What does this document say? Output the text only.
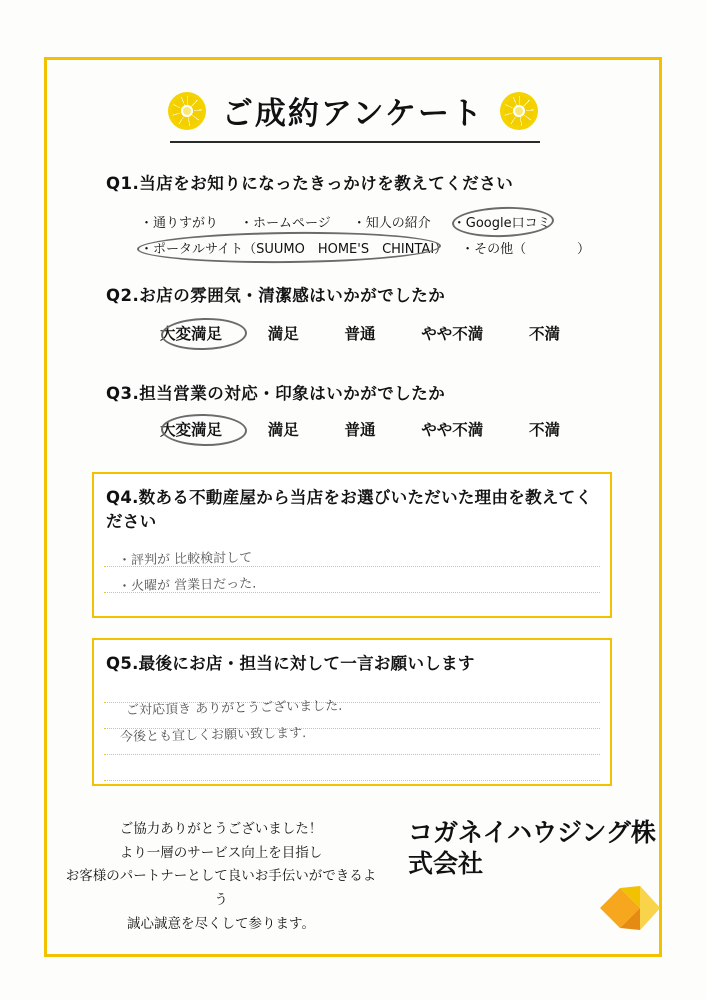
ご成約アンケート
Q1.当店をお知りになったきっかけを教えてください
・通りすがり ・ホームページ ・知人の紹介 ・Google口コミ
・ポータルサイト（SUUMO　HOME'S　CHINTAI） ・その他（	）
Q2.お店の雰囲気・清潔感はいかがでしたか
大変満足	満足	普通	やや不満	不満
Q3.担当営業の対応・印象はいかがでしたか
大変満足	満足	普通	やや不満	不満
Q4.数ある不動産屋から当店をお選びいただいた理由を教えてください
・評判が 比較検討して
・火曜が 営業日だった.
Q5.最後にお店・担当に対して一言お願いします
ご対応頂き ありがとうございました.
今後とも宜しくお願い致します.
ご協力ありがとうございました！
より一層のサービス向上を目指し
お客様のパートナーとして良いお手伝いができるよう
誠心誠意を尽くして参ります。
コガネイハウジング株
式会社
